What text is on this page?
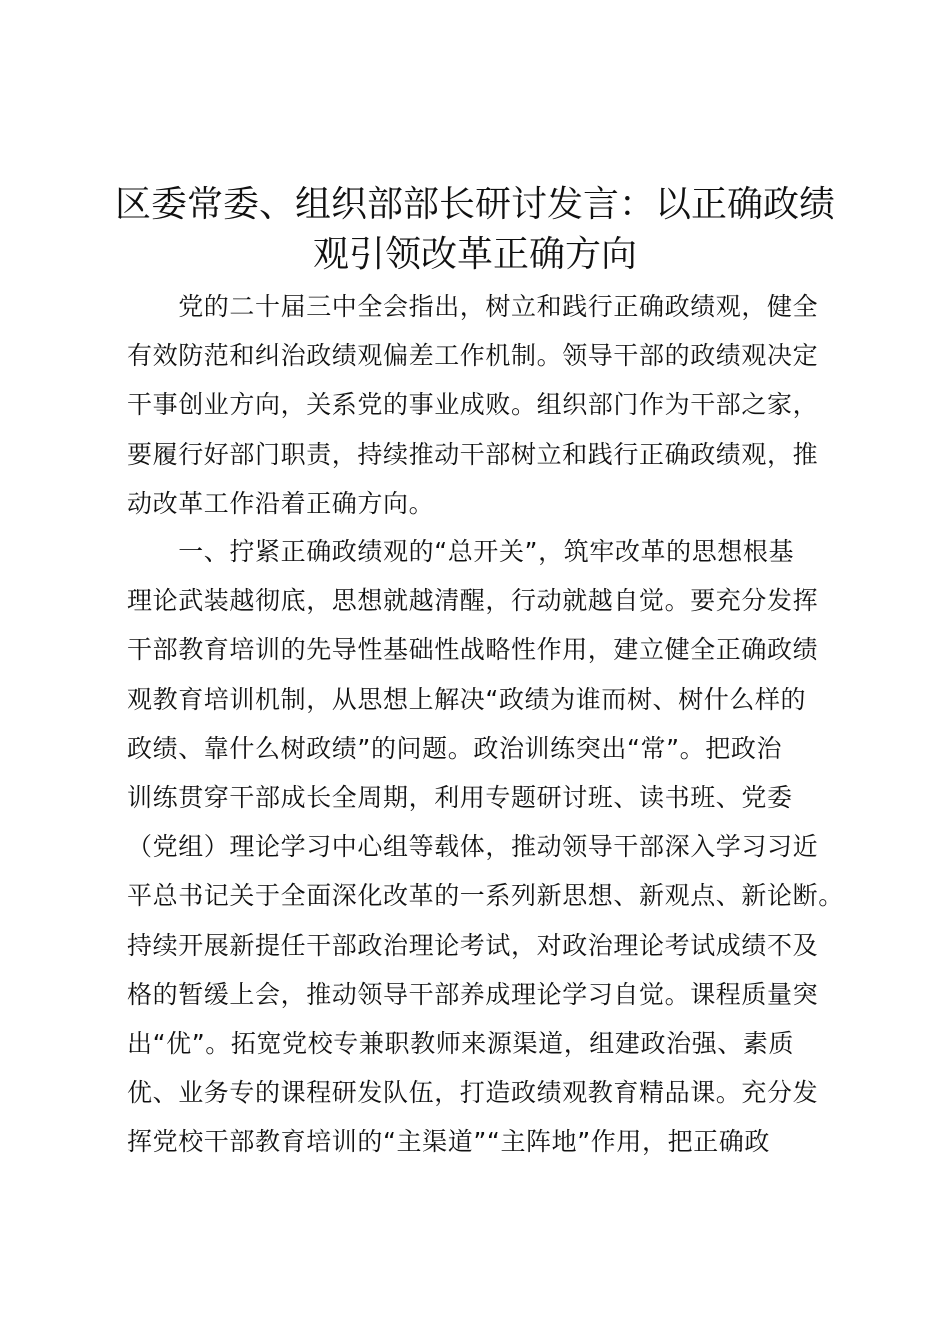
区委常委、组织部部长研讨发言：以正确政绩
观引领改革正确方向
　　党的二十届三中全会指出，树立和践行正确政绩观，健全
有效防范和纠治政绩观偏差工作机制。领导干部的政绩观决定
干事创业方向，关系党的事业成败。组织部门作为干部之家，
要履行好部门职责，持续推动干部树立和践行正确政绩观，推
动改革工作沿着正确方向。
　　一、拧紧正确政绩观的“总开关”，筑牢改革的思想根基
理论武装越彻底，思想就越清醒，行动就越自觉。要充分发挥
干部教育培训的先导性基础性战略性作用，建立健全正确政绩
观教育培训机制，从思想上解决“政绩为谁而树、树什么样的
政绩、靠什么树政绩”的问题。政治训练突出“常”。把政治
训练贯穿干部成长全周期，利用专题研讨班、读书班、党委
（党组）理论学习中心组等载体，推动领导干部深入学习习近
平总书记关于全面深化改革的一系列新思想、新观点、新论断。
持续开展新提任干部政治理论考试，对政治理论考试成绩不及
格的暂缓上会，推动领导干部养成理论学习自觉。课程质量突
出“优”。拓宽党校专兼职教师来源渠道，组建政治强、素质
优、业务专的课程研发队伍，打造政绩观教育精品课。充分发
挥党校干部教育培训的“主渠道”“主阵地”作用，把正确政
